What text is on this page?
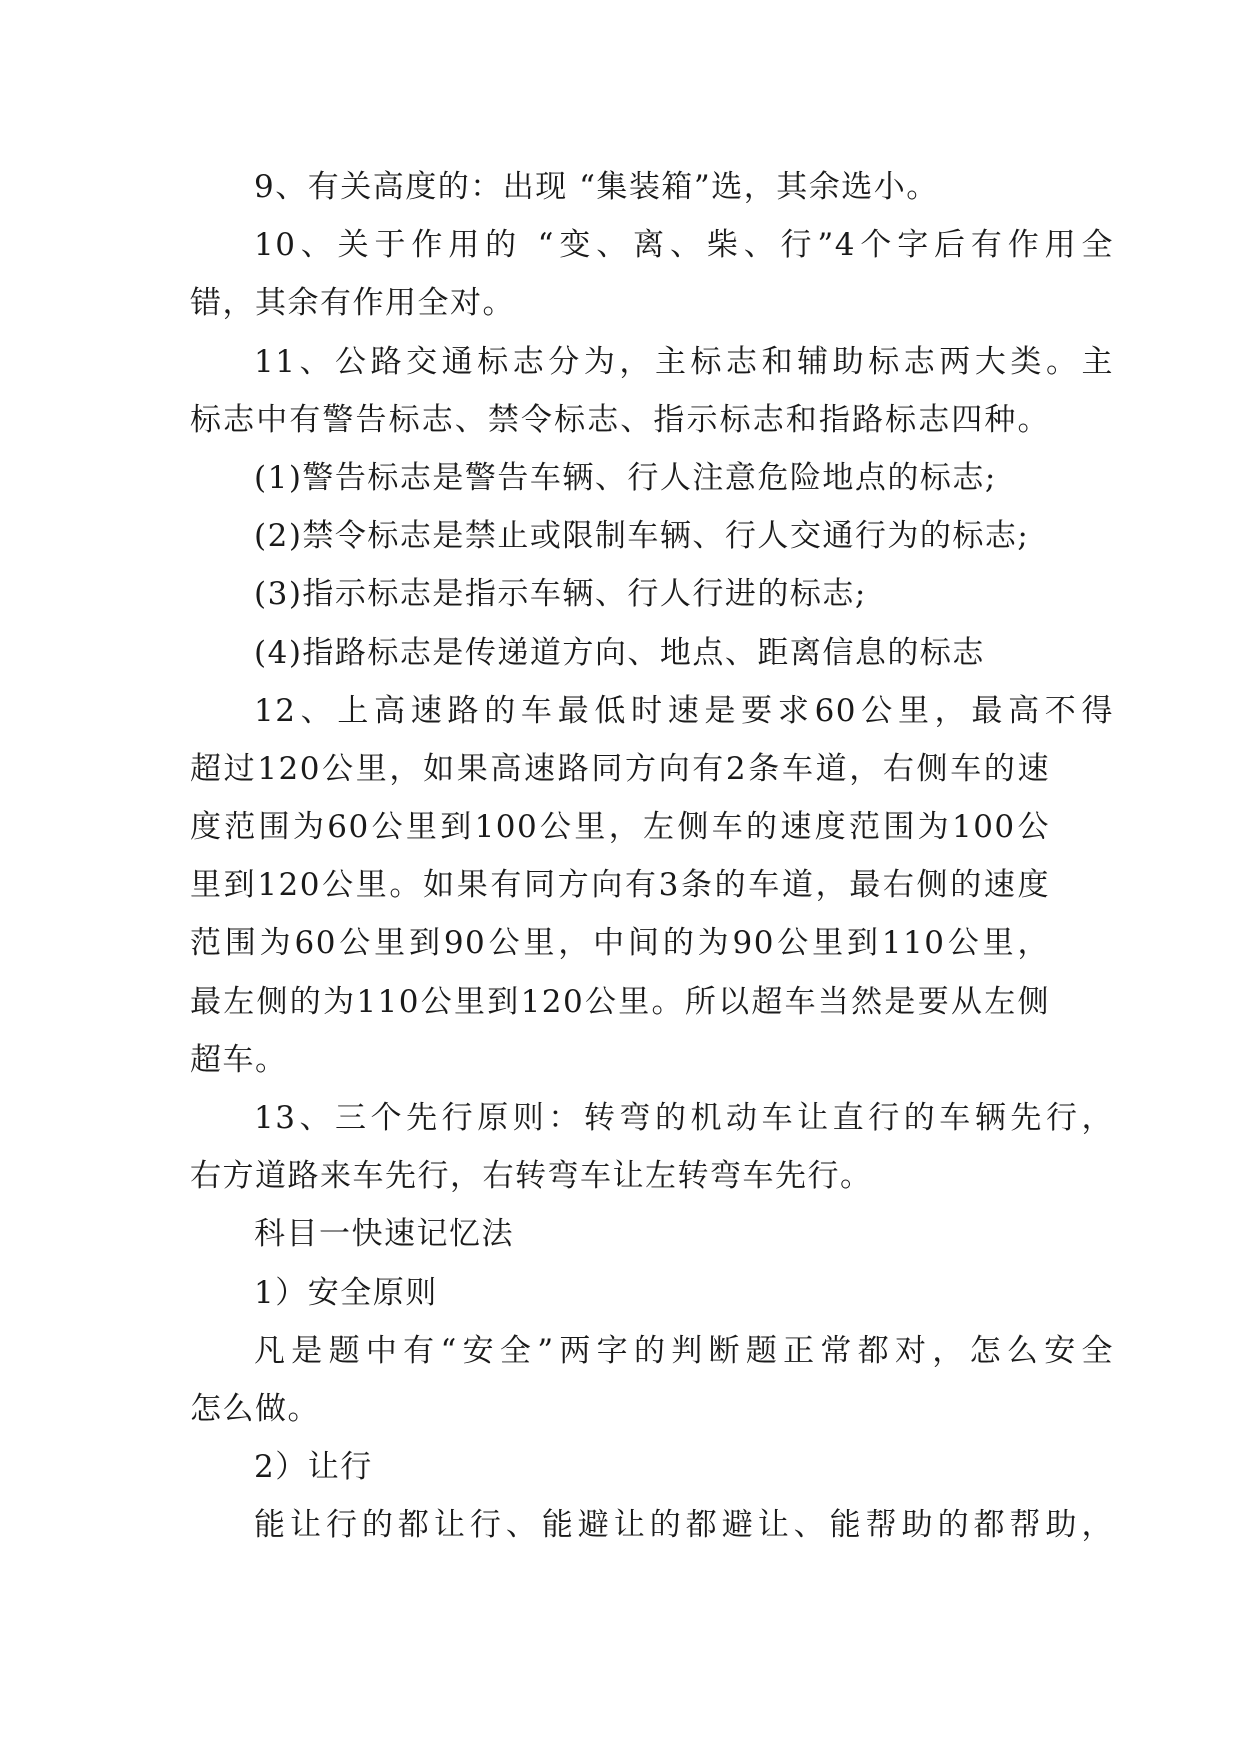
9、有关高度的：出现 “集装箱”选，其余选小。
10、关于作用的 “变、离、柴、行”4个字后有作用全
错，其余有作用全对。
11、公路交通标志分为，主标志和辅助标志两大类。主
标志中有警告标志、禁令标志、指示标志和指路标志四种。
(1)警告标志是警告车辆、行人注意危险地点的标志;
(2)禁令标志是禁止或限制车辆、行人交通行为的标志;
(3)指示标志是指示车辆、行人行进的标志;
(4)指路标志是传递道方向、地点、距离信息的标志
12、上高速路的车最低时速是要求60公里，最高不得
超过120公里，如果高速路同方向有2条车道，右侧车的速
度范围为60公里到100公里，左侧车的速度范围为100公
里到120公里。如果有同方向有3条的车道，最右侧的速度
范围为60公里到90公里，中间的为90公里到110公里，
最左侧的为110公里到120公里。所以超车当然是要从左侧
超车。
13、三个先行原则：转弯的机动车让直行的车辆先行，
右方道路来车先行，右转弯车让左转弯车先行。
科目一快速记忆法
1）安全原则
凡是题中有“安全”两字的判断题正常都对，怎么安全
怎么做。
2）让行
能让行的都让行、能避让的都避让、能帮助的都帮助，
